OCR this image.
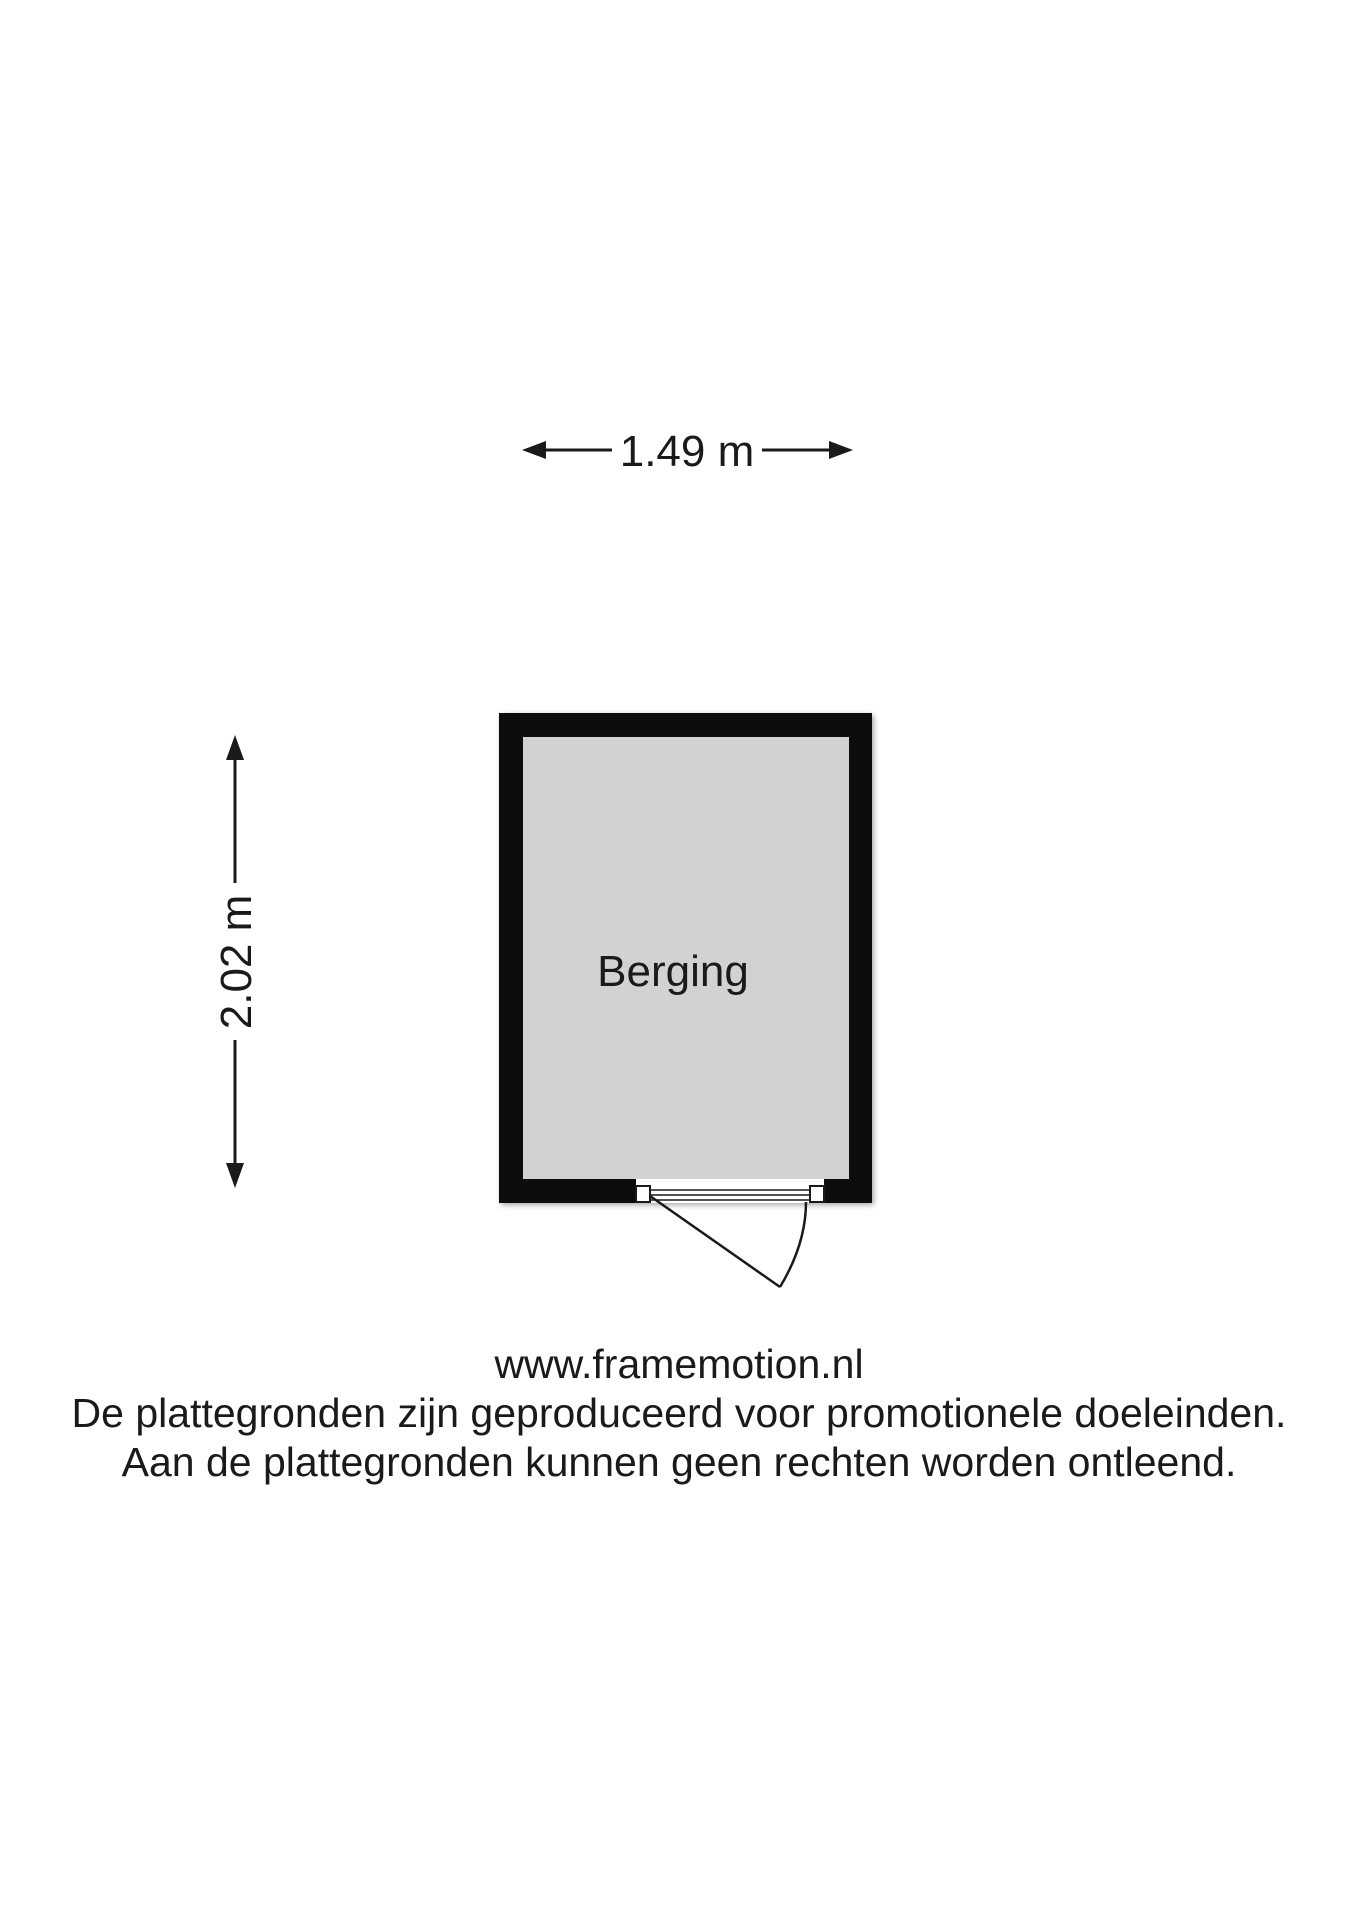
1.49 m
2.02 m	Berging
www.framemotion.nl
De plattegronden zijn geproduceerd voor promotionele doeleinden.
Aan de plattegronden kunnen geen rechten worden ontleend.
